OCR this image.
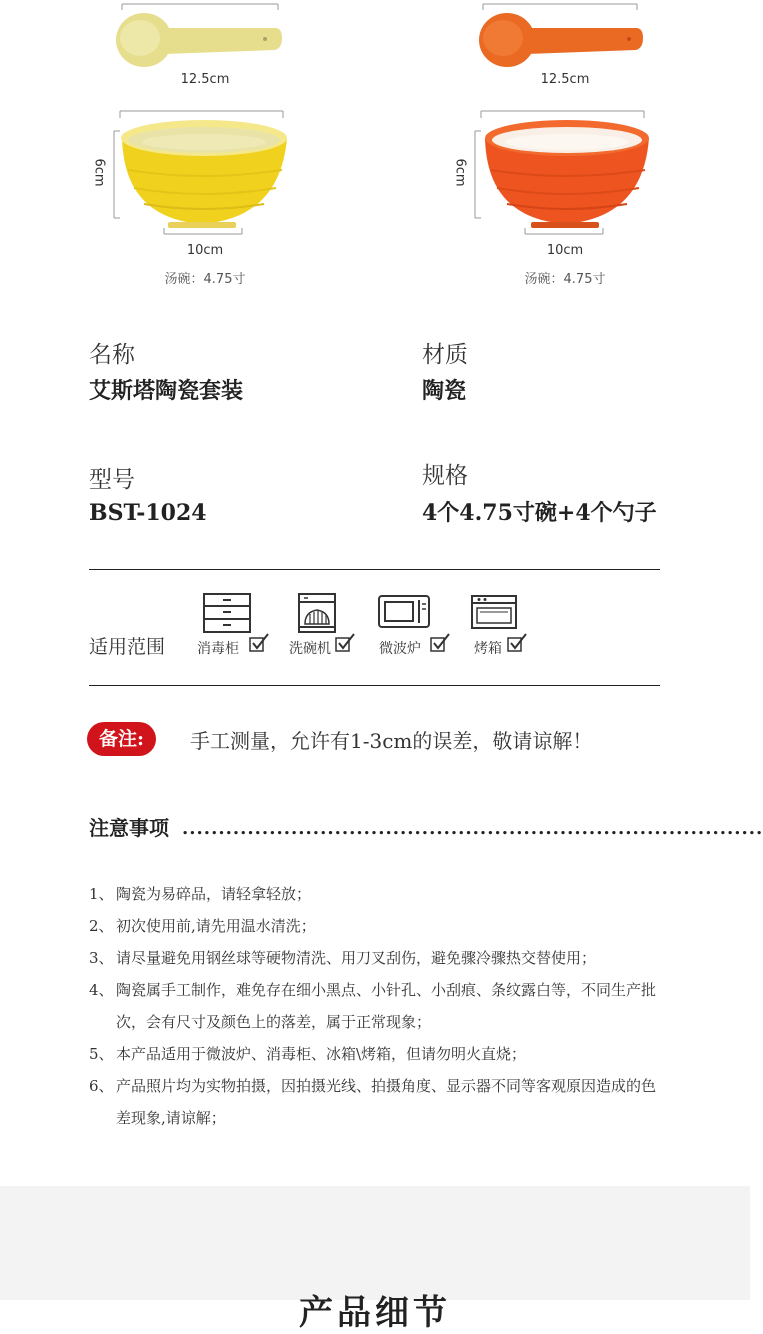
12.5cm
6cm
10cm
汤碗：4.75寸
12.5cm
6cm
10cm
汤碗：4.75寸
名称
艾斯塔陶瓷套装
材质
陶瓷
型号
BST-1024
规格
4个4.75寸碗+4个勺子
适用范围 消毒柜	洗碗机	微波炉	烤箱
备注:	手工测量，允许有1-3cm的误差，敬请谅解！
注意事项 ................................................................................
1、 陶瓷为易碎品，请轻拿轻放；
2、 初次使用前,请先用温水清洗；
3、 请尽量避免用钢丝球等硬物清洗、用刀叉刮伤，避免骤冷骤热交替使用；
4、 陶瓷属手工制作，难免存在细小黑点、小针孔、小刮痕、条纹露白等，不同生产批次，会有尺寸及颜色上的落差，属于正常现象；
5、 本产品适用于微波炉、消毒柜、冰箱\烤箱，但请勿明火直烧；
6、 产品照片均为实物拍摄，因拍摄光线、拍摄角度、显示器不同等客观原因造成的色差现象,请谅解；
产品细节
